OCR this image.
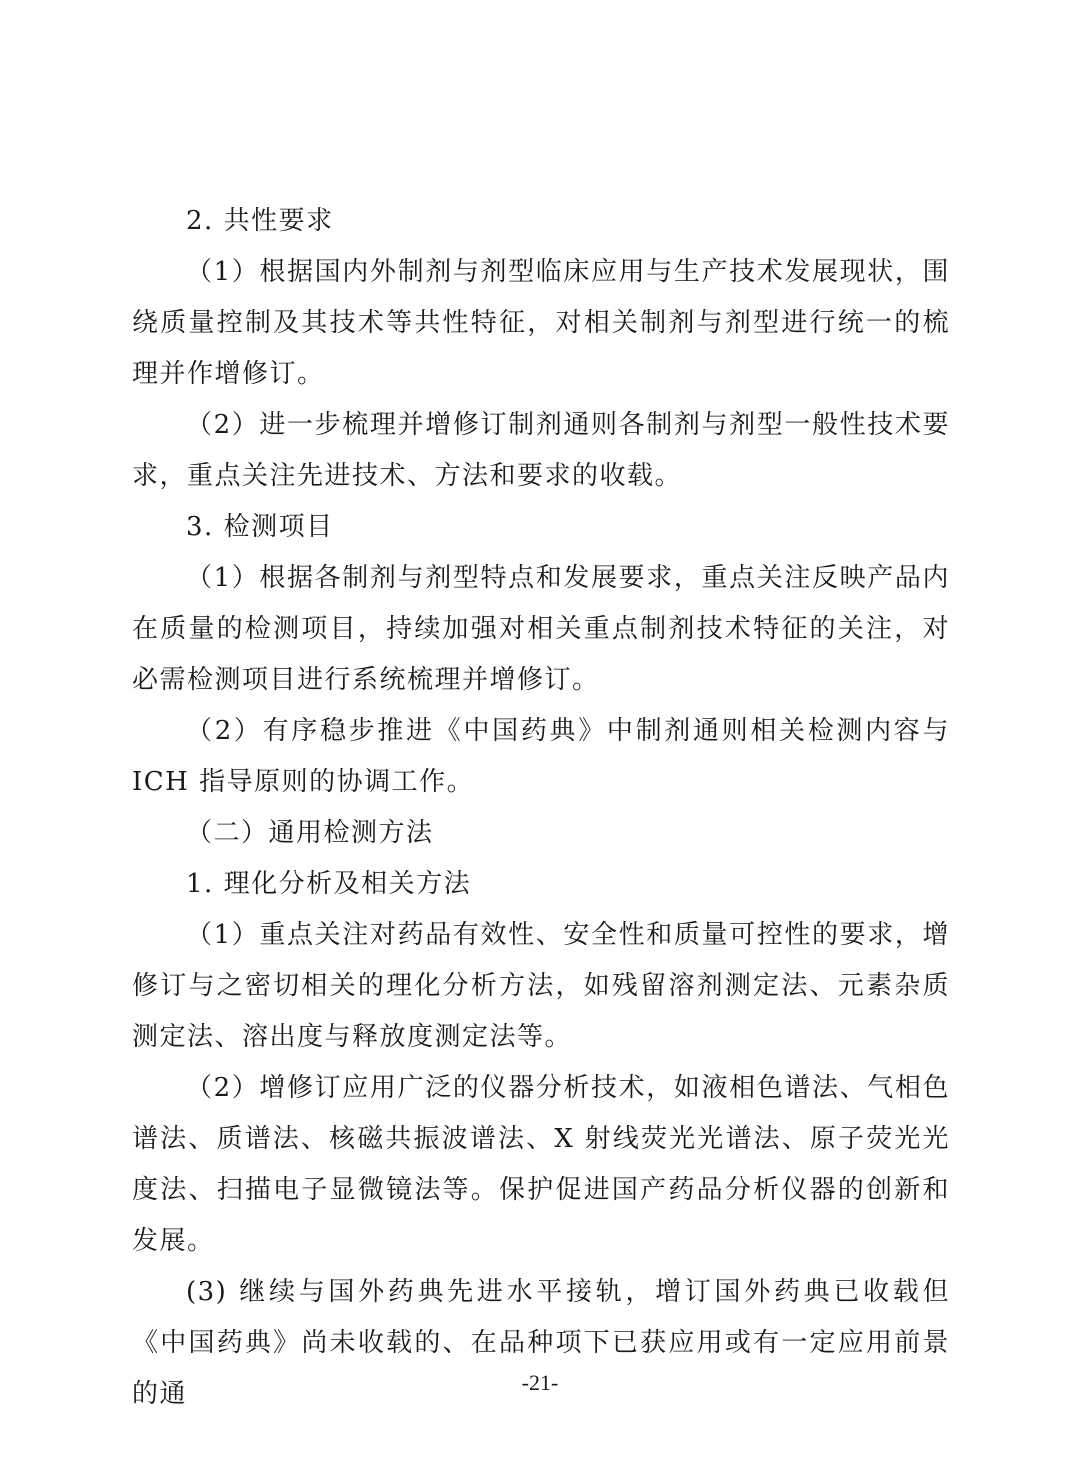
2. 共性要求

（1）根据国内外制剂与剂型临床应用与生产技术发展现状，围绕质量控制及其技术等共性特征，对相关制剂与剂型进行统一的梳理并作增修订。

（2）进一步梳理并增修订制剂通则各制剂与剂型一般性技术要求，重点关注先进技术、方法和要求的收载。

3. 检测项目

（1）根据各制剂与剂型特点和发展要求，重点关注反映产品内在质量的检测项目，持续加强对相关重点制剂技术特征的关注，对必需检测项目进行系统梳理并增修订。

（2）有序稳步推进《中国药典》中制剂通则相关检测内容与 ICH 指导原则的协调工作。

（二）通用检测方法

1. 理化分析及相关方法

（1）重点关注对药品有效性、安全性和质量可控性的要求，增修订与之密切相关的理化分析方法，如残留溶剂测定法、元素杂质测定法、溶出度与释放度测定法等。

（2）增修订应用广泛的仪器分析技术，如液相色谱法、气相色谱法、质谱法、核磁共振波谱法、X 射线荧光光谱法、原子荧光光度法、扫描电子显微镜法等。保护促进国产药品分析仪器的创新和发展。

(3) 继续与国外药典先进水平接轨，增订国外药典已收载但《中国药典》尚未收载的、在品种项下已获应用或有一定应用前景的通	-21-
